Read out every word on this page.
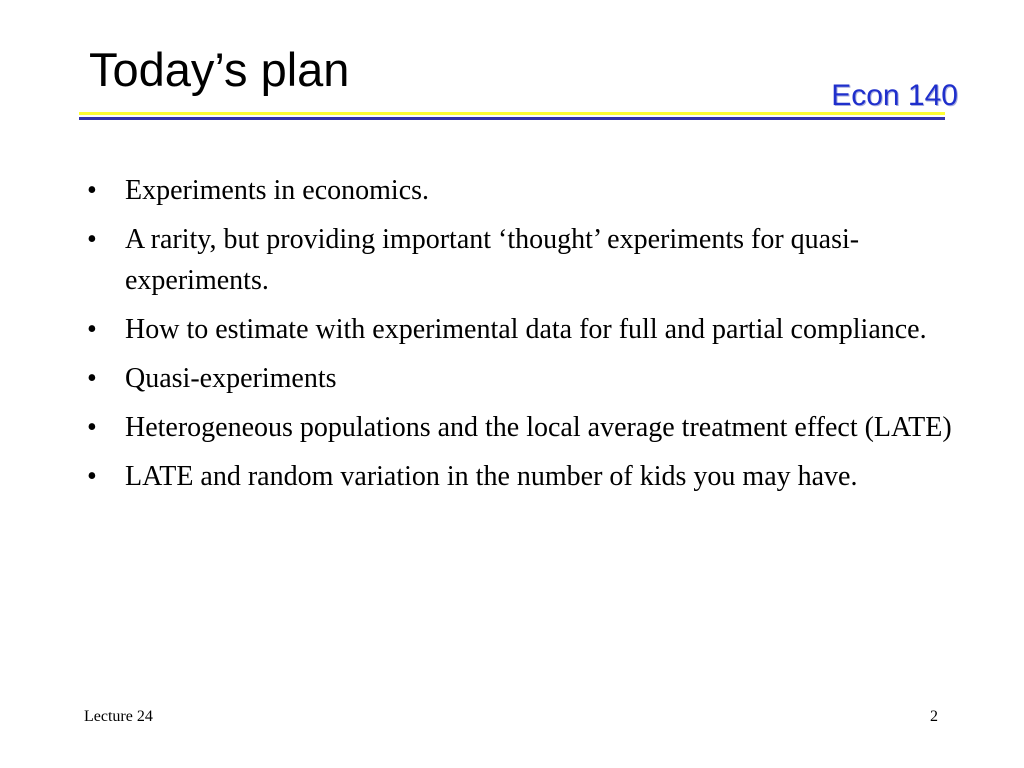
Today’s plan	Econ 140
•	Experiments in economics.
•	A rarity, but providing important ‘thought’ experiments for quasi-experiments.
•	How to estimate with experimental data for full and partial compliance.
•	Quasi-experiments
•	Heterogeneous populations and the local average treatment effect (LATE)
•	LATE and random variation in the number of kids you may have.
Lecture 24	2
